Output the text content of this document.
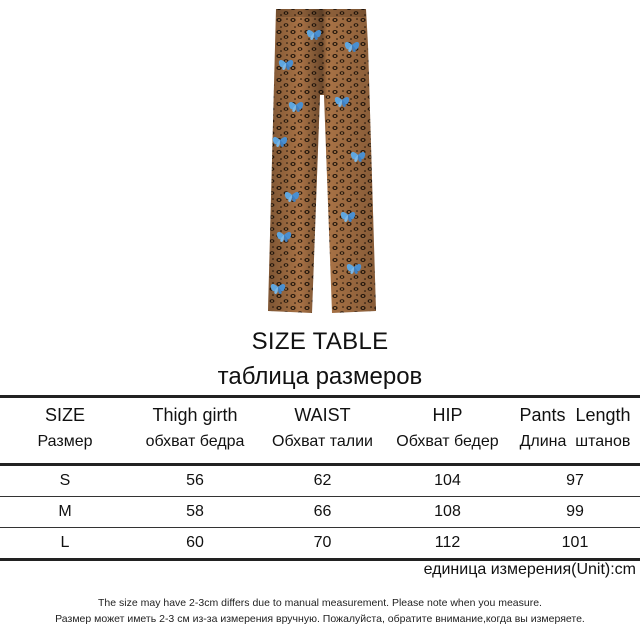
SIZE TABLE
таблица размеров
SIZE	Thigh girth	WAIST	HIP	Pants  Length
Размер	обхват бедра	Обхват талии	Обхват бедер	Длина  штанов
S	56	62	104	97
M	58	66	108	99
L	60	70	112	101
единица измерения(Unit):cm
The size may have 2-3cm differs due to manual measurement. Please note when you measure.
Размер может иметь 2-3 см из-за измерения вручную. Пожалуйста, обратите внимание,когда вы измеряете.
